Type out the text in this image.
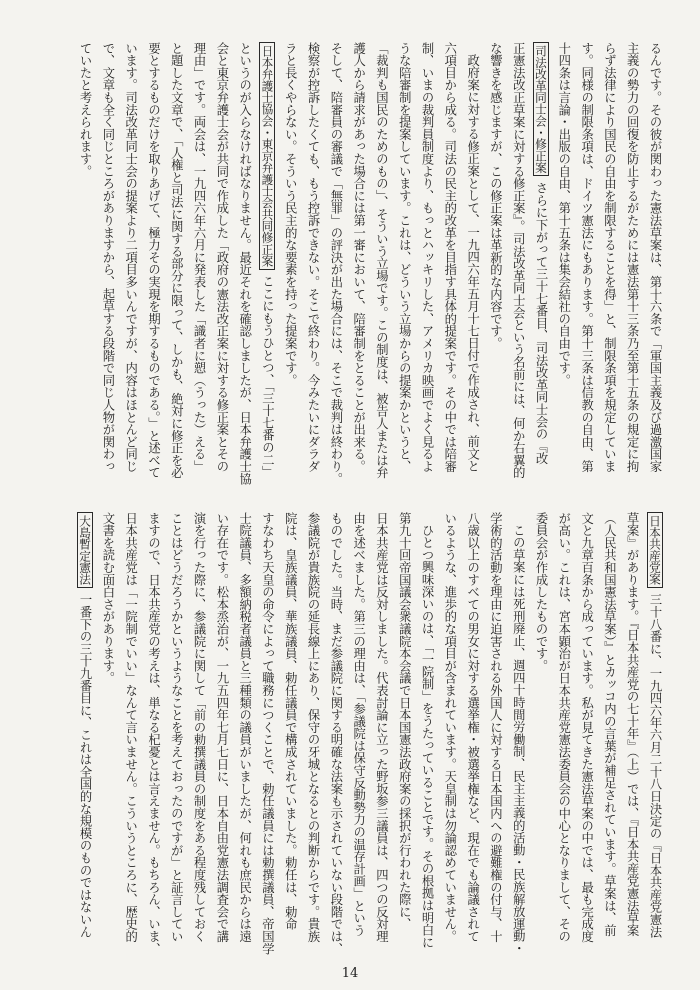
るんです。その彼が関わった憲法草案は、第十六条で「軍国主義及び過激国家
主義の勢力の回復を防止するがためには憲法第十三条乃至第十五条の規定に拘
らず法律により国民の自由を制限することを得」と、制限条項を規定していま
す。同様の制限条項は、ドイツ憲法にもあります。第十三条は信教の自由、第
十四条は言論・出版の自由、第十五条は集会結社の自由です。
司法改革同士会・修正案さらに下がって三十七番目、司法改革同士会の『改
正憲法改正草案に対する修正案』。司法改革同士会という名前には、何か右翼的
な響きを感じますが、この修正案は革新的な内容です。
政府案に対する修正案として、一九四六年五月十七日付で作成され、前文と
六項目から成る。司法の民主的改革を目指す具体的提案です。その中では陪審
制、いまの裁判員制度より、もっとハッキリした、アメリカ映画でよく見るよ
うな陪審制を提案しています。これは、どういう立場からの提案かというと、
「裁判も国民のためのもの」、そういう立場です。この制度は、被告人または弁
護人から請求があった場合には第一審において、陪審制をとることが出来る。
そして、陪審員の審議で「無罪」の評決が出た場合には、そこで裁判は終わり。
検察が控訴したくても、もう控訴できない。そこで終わり。今みたいにダラダ
ラと長くやらない。そういう民主的な要素を持った提案です。
日本弁護士協会・東京弁護士会共同修正案ここにもうひとつ、「三十七番の二」
というのが入らなければなりません。最近それを確認しましたが、日本弁護士協
会と東京弁護士会が共同で作成した「政府の憲法改正案に対する修正案とその
理由」です。両会は、一九四六年六月に発表した「識者に愬（うった）える」
と題した文章で、「人権と司法に関する部分に限って、しかも、絶対に修正を必
要とするものだけを取りあげて、極力その実現を期するものである。」と述べて
います。司法改革同士会の提案より二項目多いんですが、内容はほとんど同じ
で、文章も全く同じところがありますから、起草する段階で同じ人物が関わっ
ていたと考えられます。
日本共産党案三十八番に、一九四六年六月二十八日決定の『日本共産党憲法
草案』があります。『日本共産党の七十年』（上）では、『日本共産党憲法草案
（人民共和国憲法草案）』とカッコ内の言葉が補足されています。草案は、前
文と九章百条から成っています。私が見てきた憲法草案の中では、最も完成度
が高い。これは、宮本顕治が日本共産党憲法委員会の中心となりまして、その
委員会が作成したものです。
この草案には死刑廃止、週四十時間労働制、民主主義的活動・民族解放運動・
学術的活動を理由に迫害される外国人に対する日本国内への避難権の付与、十
八歳以上のすべての男女に対する選挙権・被選挙権など、現在でも論議されて
いるような、進歩的な項目が含まれています。天皇制は勿論認めていません。
ひとつ興味深いのは、「一院制」をうたっていることです。その根拠は明白に
第九十回帝国議会衆議院本会議で日本国憲法政府案の採択が行われた際に、
日本共産党は反対しました。代表討論に立った野坂参三議員は、四つの反対理
由を述べました。第三の理由は、「参議院は保守反動勢力の温存計画」という
ものでした。当時、まだ参議院に関する明確な法案も示されていない段階では、
参議院が貴族院の延長線上にあり、保守の牙城となるとの判断からです。貴族
院は、皇族議員、華族議員、勅任議員で構成されていました。勅任は、勅命
すなわち天皇の命令によって職務につくことで、勅任議員には勅撰議員、帝国学
士院議員、多額納税者議員と三種類の議員がいましたが、何れも庶民からは遠
い存在です。松本烝治が、一九五四年七月七日に、日本自由党憲法調査会で講
演を行った際に、参議院に関して「前の勅撰議員の制度をある程度残しておく
ことはどうだろうかというようなことを考えておったのですが」と証言してい
ますので、日本共産党の考えは、単なる杞憂とは言えません。もちろん、いま、
日本共産党は「一院制でいい」なんて言いません。こういうところに、歴史的
文書を読む面白さがあります。
大島暫定憲法一番下の三十九番目に、これは全国的な規模のものではないん
14
